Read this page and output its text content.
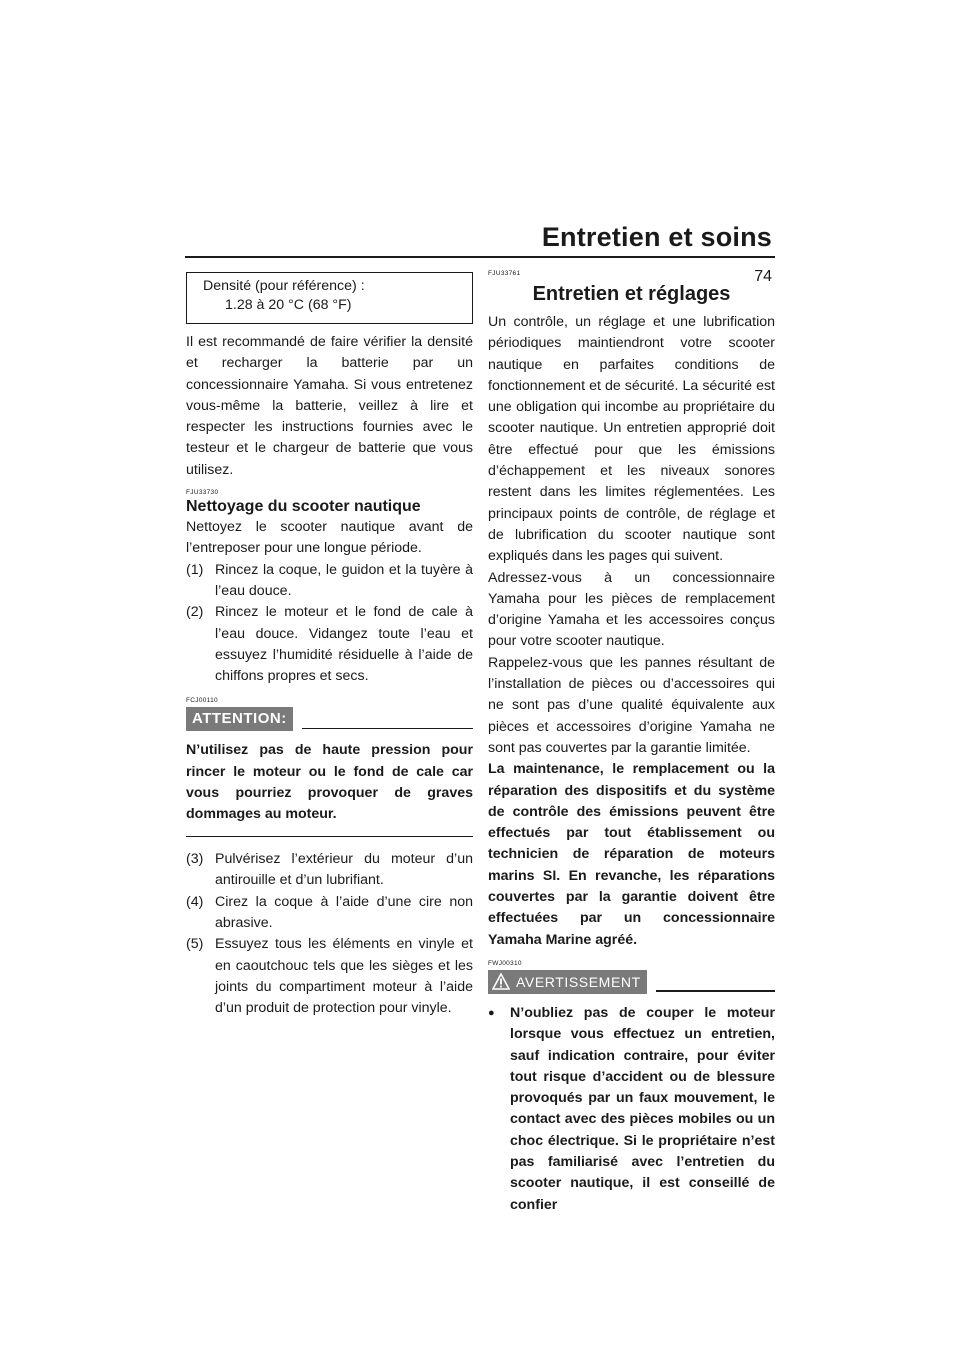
Entretien et soins
74
Densité (pour référence) :
1.28 à 20 °C (68 °F)

Il est recommandé de faire vérifier la densité et recharger la batterie par un concessionnaire Yamaha. Si vous entretenez vous-même la batterie, veillez à lire et respecter les instructions fournies avec le testeur et le chargeur de batterie que vous utilisez.

FJU33730
Nettoyage du scooter nautique

Nettoyez le scooter nautique avant de l’entreposer pour une longue période.

(1) Rincez la coque, le guidon et la tuyère à l’eau douce.
(2) Rincez le moteur et le fond de cale à l’eau douce. Vidangez toute l’eau et essuyez l’humidité résiduelle à l’aide de chiffons propres et secs.
FCJ00110
ATTENTION:

N’utilisez pas de haute pression pour rincer le moteur ou le fond de cale car vous pourriez provoquer de graves dommages au moteur.

(3) Pulvérisez l’extérieur du moteur d’un antirouille et d’un lubrifiant.
(4) Cirez la coque à l’aide d’une cire non abrasive.
(5) Essuyez tous les éléments en vinyle et en caoutchouc tels que les sièges et les joints du compartiment moteur à l’aide d’un produit de protection pour vinyle.
FJU33761
Entretien et réglages

Un contrôle, un réglage et une lubrification périodiques maintiendront votre scooter nautique en parfaites conditions de fonctionnement et de sécurité. La sécurité est une obligation qui incombe au propriétaire du scooter nautique. Un entretien approprié doit être effectué pour que les émissions d’échappement et les niveaux sonores restent dans les limites réglementées. Les principaux points de contrôle, de réglage et de lubrification du scooter nautique sont expliqués dans les pages qui suivent.

Adressez-vous à un concessionnaire Yamaha pour les pièces de remplacement d’origine Yamaha et les accessoires conçus pour votre scooter nautique.

Rappelez-vous que les pannes résultant de l’installation de pièces ou d’accessoires qui ne sont pas d’une qualité équivalente aux pièces et accessoires d’origine Yamaha ne sont pas couvertes par la garantie limitée.

La maintenance, le remplacement ou la réparation des dispositifs et du système de contrôle des émissions peuvent être effectués par tout établissement ou technicien de réparation de moteurs marins SI. En revanche, les réparations couvertes par la garantie doivent être effectuées par un concessionnaire Yamaha Marine agréé.

FWJ00310
AVERTISSEMENT
●	N’oubliez pas de couper le moteur lorsque vous effectuez un entretien, sauf indication contraire, pour éviter tout risque d’accident ou de blessure provoqués par un faux mouvement, le contact avec des pièces mobiles ou un choc électrique. Si le propriétaire n’est pas familiarisé avec l’entretien du scooter nautique, il est conseillé de confier
